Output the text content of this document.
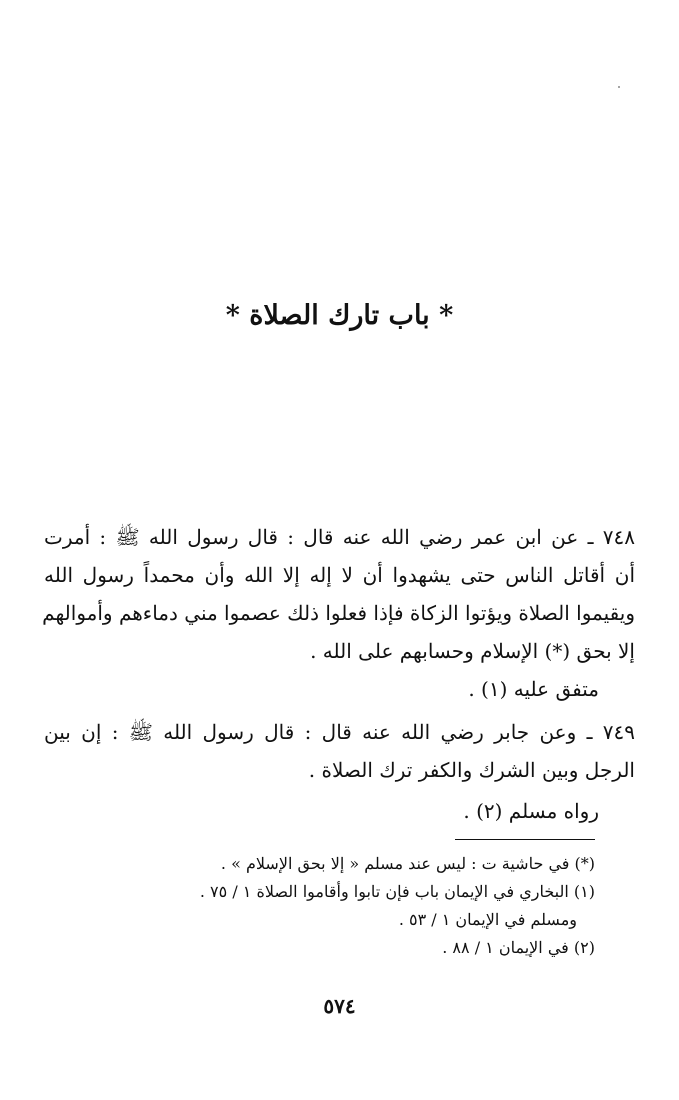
* باب تارك الصلاة *
٧٤٨ ـ عن ابن عمر رضي الله عنه قال : قال رسول الله ﷺ : أمرت
أن أقاتل الناس حتى يشهدوا أن لا إله إلا الله وأن محمداً رسول الله
ويقيموا الصلاة ويؤتوا الزكاة فإذا فعلوا ذلك عصموا مني دماءهم وأموالهم
إلا بحق (*) الإسلام وحسابهم على الله .
متفق عليه (١) .
٧٤٩ ـ وعن جابر رضي الله عنه قال : قال رسول الله ﷺ : إن بين
الرجل وبين الشرك والكفر ترك الصلاة .
رواه مسلم (٢) .
(*) في حاشية ت : ليس عند مسلم « إلا بحق الإسلام » .
(١) البخاري في الإيمان باب فإن تابوا وأقاموا الصلاة ١ / ٧٥ .
ومسلم في الإيمان ١ / ٥٣ .
(٢) في الإيمان ١ / ٨٨ .
٥٧٤
